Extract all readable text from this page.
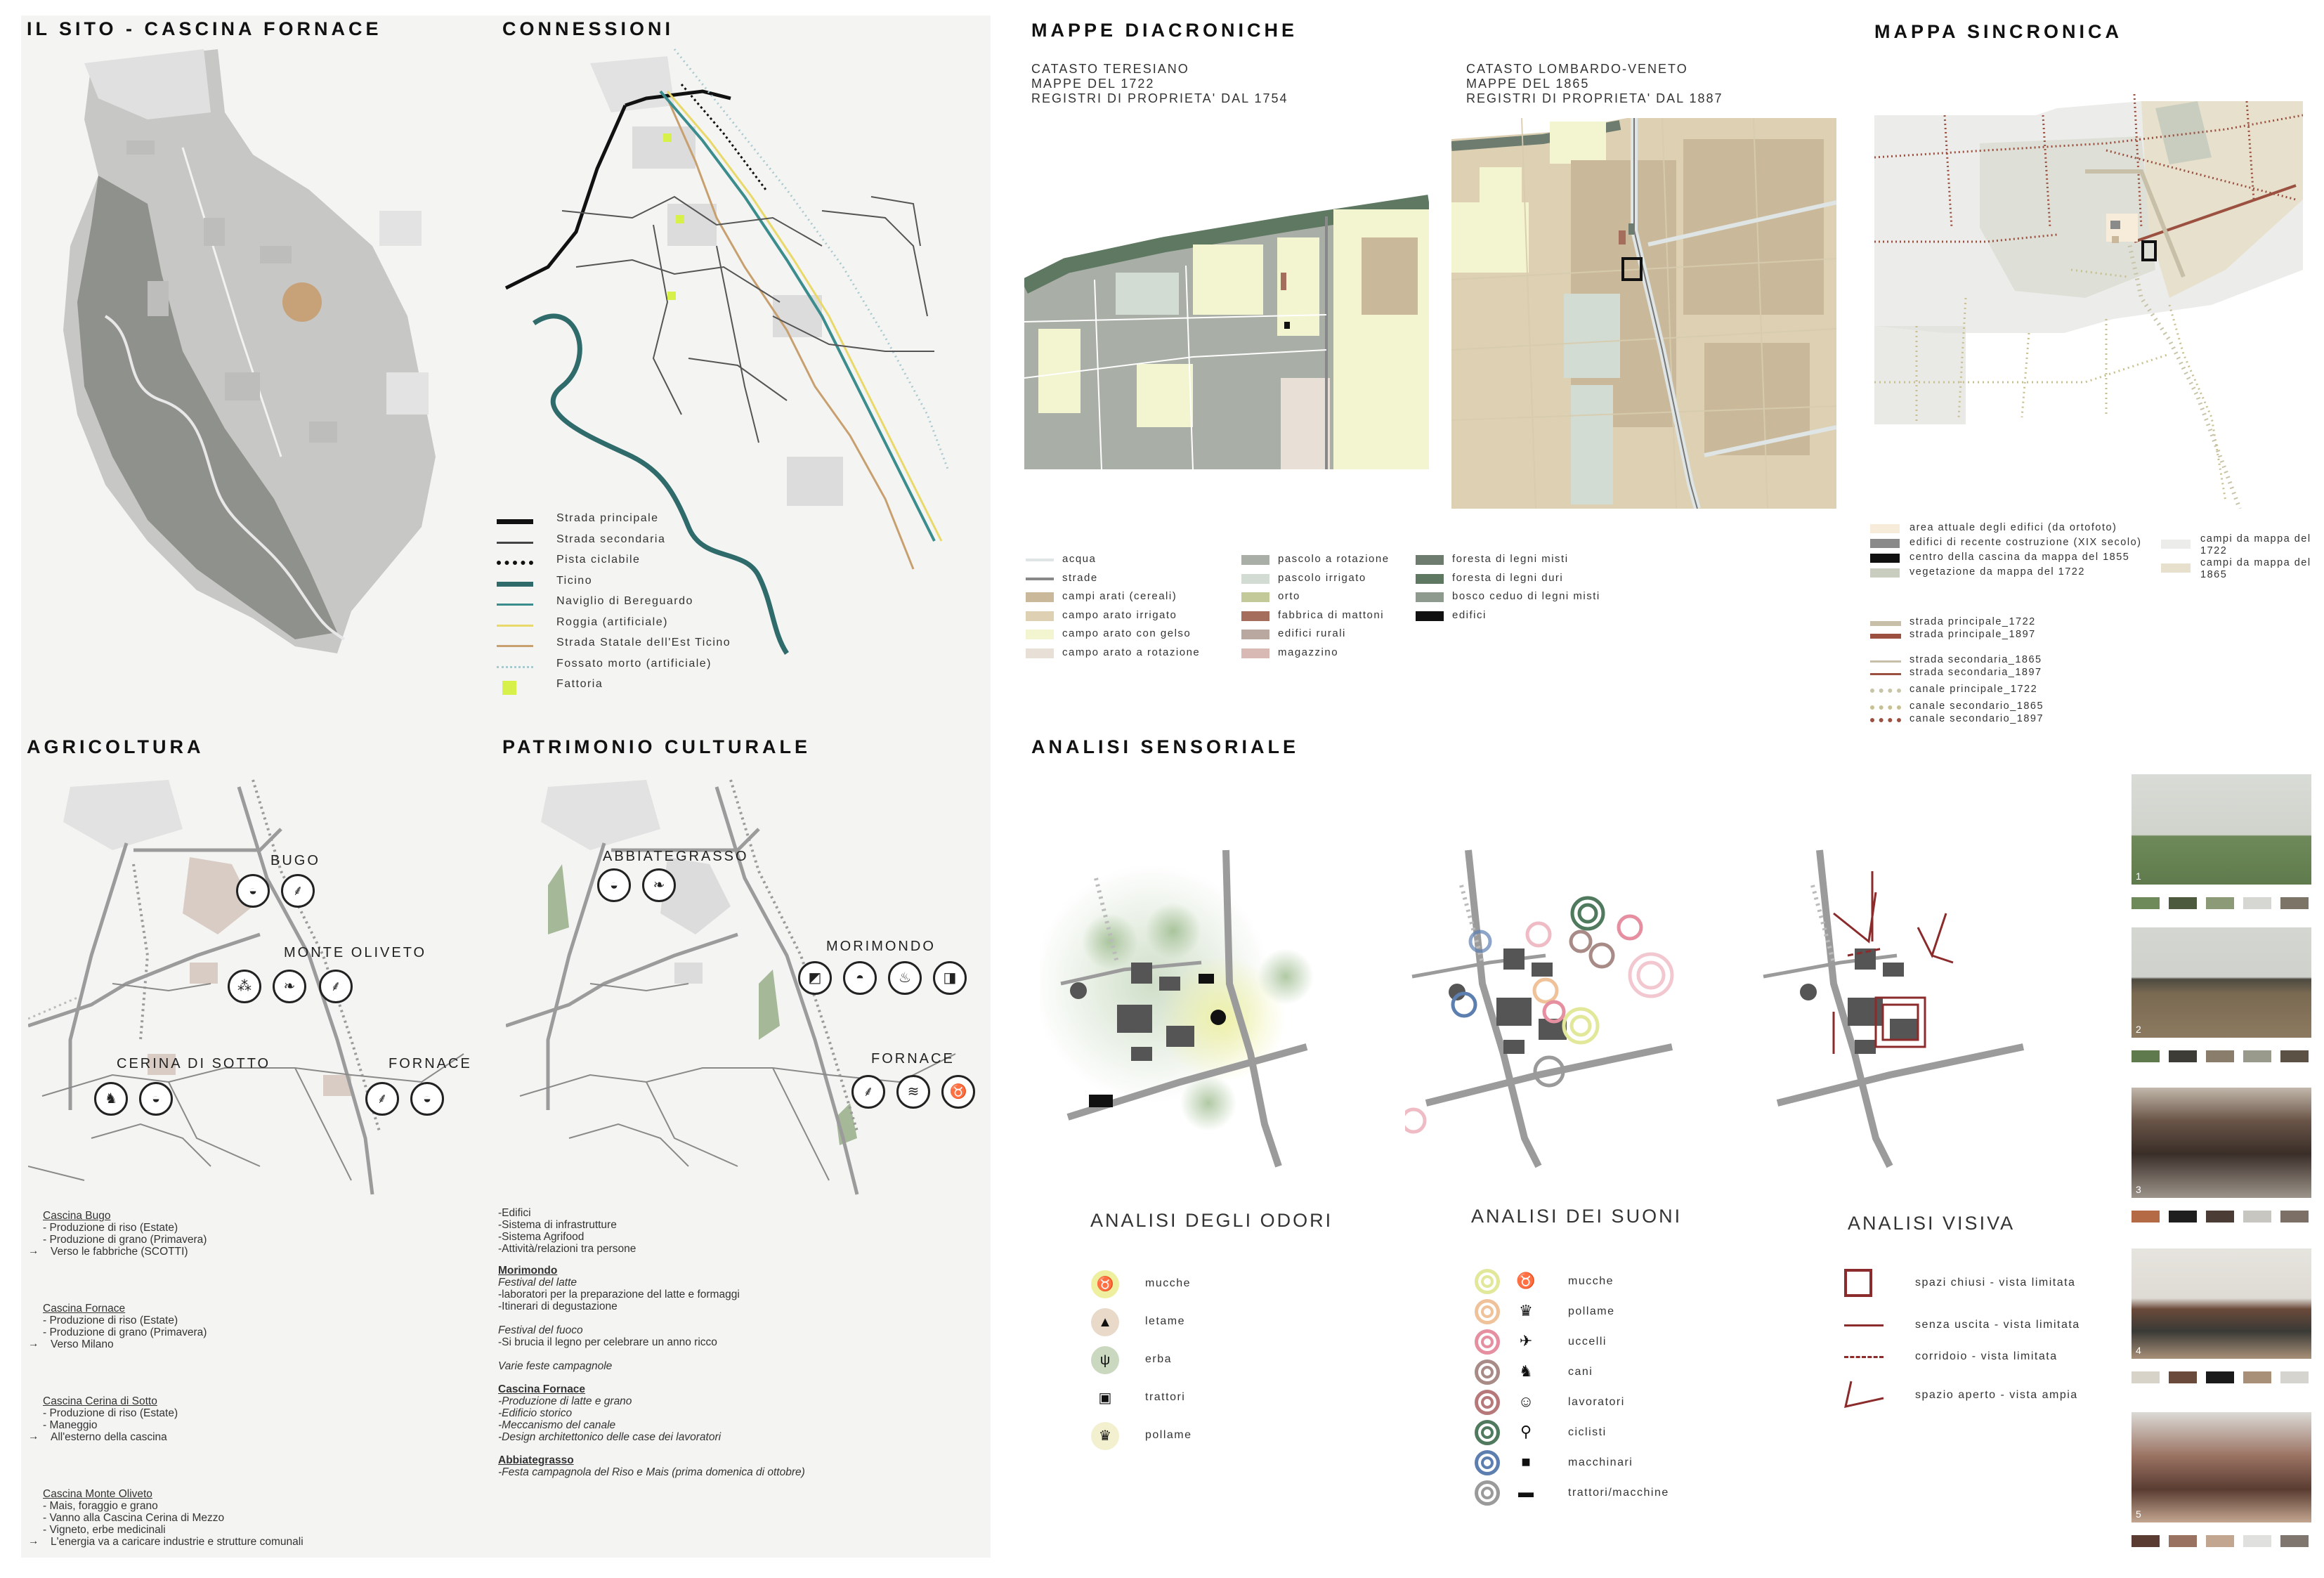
IL SITO - CASCINA FORNACE	CONNESSIONI	MAPPE DIACRONICHE	MAPPA SINCRONICA
AGRICOLTURA	PATRIMONIO CULTURALE	ANALISI SENSORIALE
Strada principale
Strada secondaria
Pista ciclabile
Ticino
Naviglio di Bereguardo
Roggia (artificiale)
Strada Statale dell'Est Ticino
Fossato morto (artificiale)
Fattoria
CATASTO TERESIANO
MAPPE DEL 1722
REGISTRI DI PROPRIETA' DAL 1754
CATASTO LOMBARDO-VENETO
MAPPE DEL 1865
REGISTRI DI PROPRIETA' DAL 1887
acqua
strade
campi arati (cereali)
campo arato irrigato
campo arato con gelso
campo arato a rotazione
pascolo a rotazione
pascolo irrigato
orto
fabbrica di mattoni
edifici rurali
magazzino
foresta di legni misti
foresta di legni duri
bosco ceduo di legni misti
edifici
area attuale degli edifici (da ortofoto)
edifici di recente costruzione (XIX secolo)
centro della cascina da mappa del 1855
vegetazione da mappa del 1722
campi da mappa del 1722
campi da mappa del 1865
strada principale_1722
strada principale_1897
strada secondaria_1865
strada secondaria_1897
canale principale_1722
canale secondario_1865
canale secondario_1897
BUGO
MONTE OLIVETO
CERINA DI SOTTO	FORNACE
◒	⸙
⁂	❧	⸙
♞	◒	⸙	◒
Cascina Bugo
- Produzione di riso (Estate)
- Produzione di grano (Primavera)
→ Verso le fabbriche (SCOTTI)
Cascina Fornace
- Produzione di riso (Estate)
- Produzione di grano (Primavera)
→ Verso Milano
Cascina Cerina di Sotto
- Produzione di riso (Estate)
- Maneggio
→ All'esterno della cascina
Cascina Monte Oliveto
- Mais, foraggio e grano
- Vanno alla Cascina Cerina di Mezzo
- Vigneto, erbe medicinali
→ L'energia va a caricare industrie e strutture comunali
ABBIATEGRASSO
MORIMONDO
FORNACE
◒	❧
◩	◓	♨	◨
⸙	≋	♉
-Edifici
-Sistema di infrastrutture
-Sistema Agrifood
-Attività/relazioni tra persone
Morimondo
Festival del latte
-laboratori per la preparazione del latte e formaggi
-Itinerari di degustazione
Festival del fuoco
-Si brucia il legno per celebrare un anno ricco
Varie feste campagnole
Cascina Fornace
-Produzione di latte e grano
-Edificio storico
-Meccanismo del canale
-Design architettonico delle case dei lavoratori
Abbiategrasso
-Festa campagnola del Riso e Mais (prima domenica di ottobre)
ANALISI DEGLI ODORI	ANALISI DEI SUONI	ANALISI VISIVA
♉	mucche
▲	letame
ψ	erba
▣	trattori
♛	pollame
♉	mucche
♛	pollame
✈	uccelli
♞	cani
☺	lavoratori
⚲	ciclisti
■	macchinari
▬	trattori/macchine
spazi chiusi - vista limitata
senza uscita - vista limitata
corridoio - vista limitata
spazio aperto - vista ampia
1
2
3
4
5
